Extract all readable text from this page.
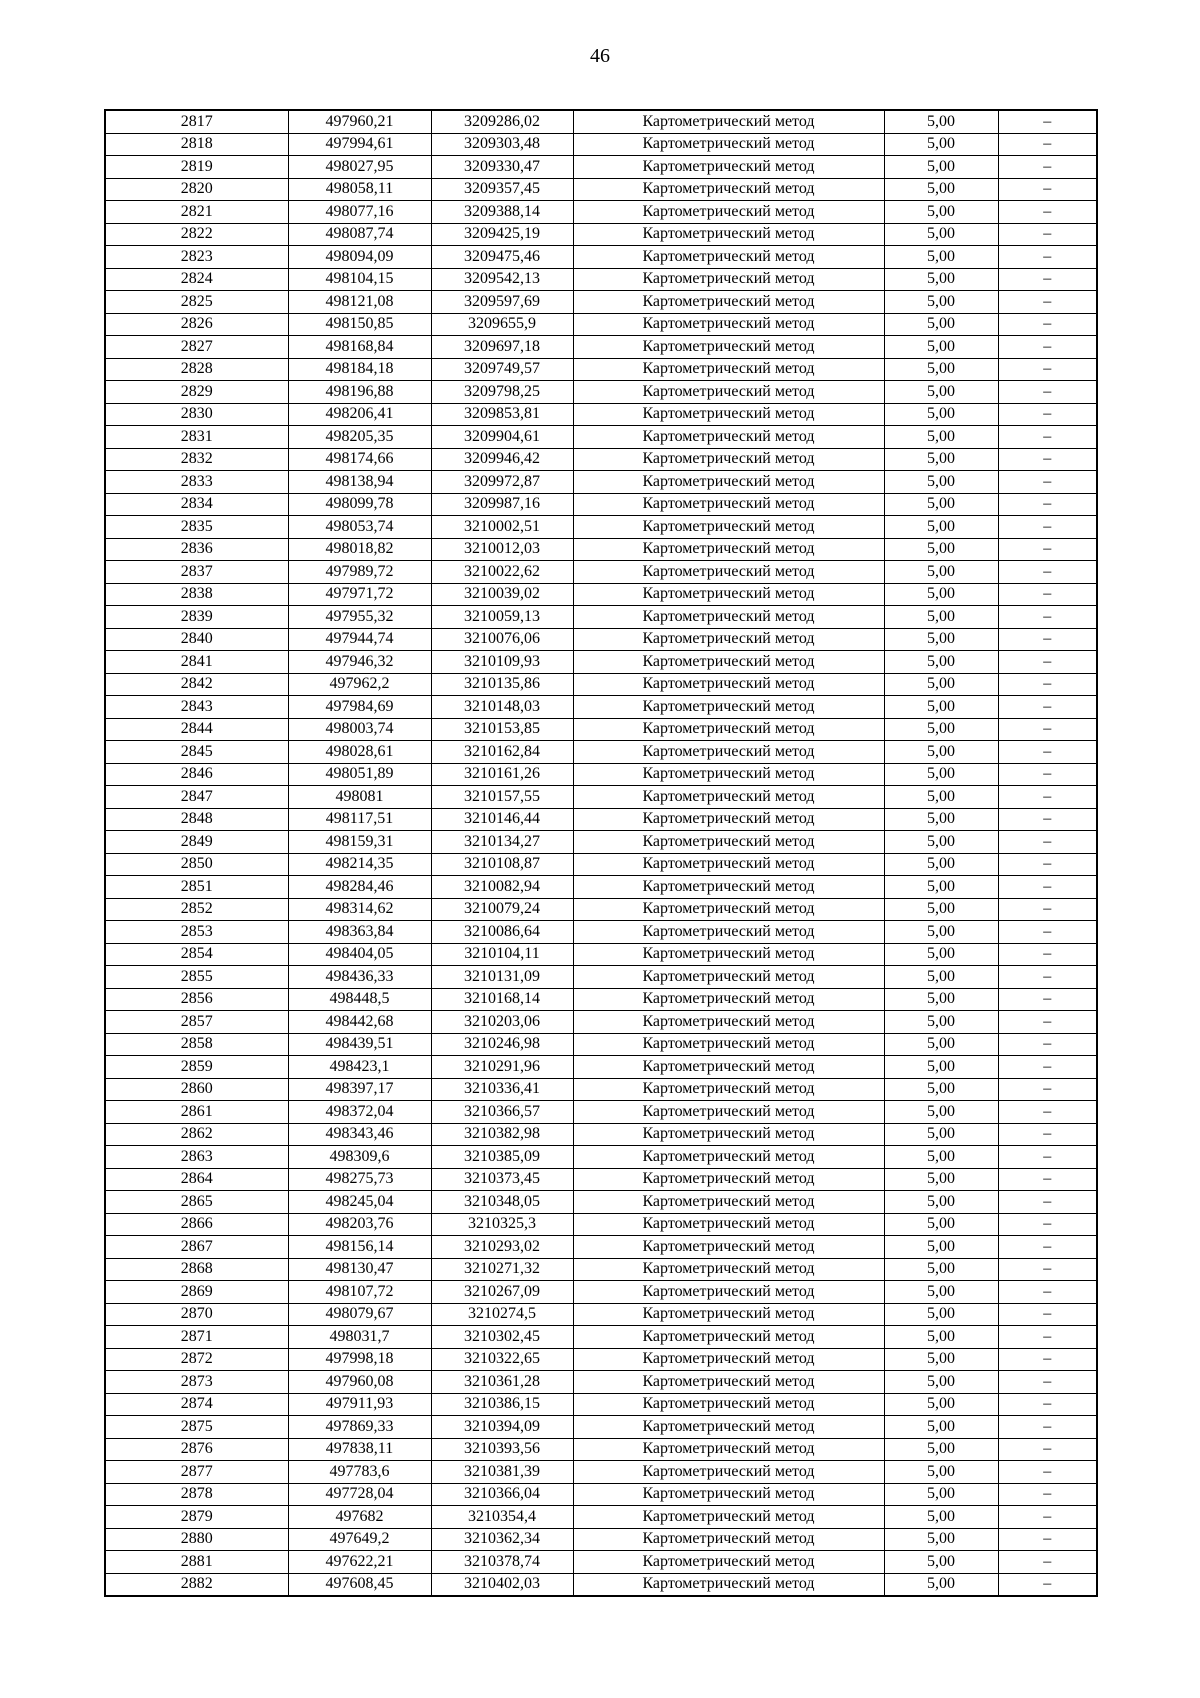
46
2817	497960,21	3209286,02	Картометрический метод	5,00	–
2818	497994,61	3209303,48	Картометрический метод	5,00	–
2819	498027,95	3209330,47	Картометрический метод	5,00	–
2820	498058,11	3209357,45	Картометрический метод	5,00	–
2821	498077,16	3209388,14	Картометрический метод	5,00	–
2822	498087,74	3209425,19	Картометрический метод	5,00	–
2823	498094,09	3209475,46	Картометрический метод	5,00	–
2824	498104,15	3209542,13	Картометрический метод	5,00	–
2825	498121,08	3209597,69	Картометрический метод	5,00	–
2826	498150,85	3209655,9	Картометрический метод	5,00	–
2827	498168,84	3209697,18	Картометрический метод	5,00	–
2828	498184,18	3209749,57	Картометрический метод	5,00	–
2829	498196,88	3209798,25	Картометрический метод	5,00	–
2830	498206,41	3209853,81	Картометрический метод	5,00	–
2831	498205,35	3209904,61	Картометрический метод	5,00	–
2832	498174,66	3209946,42	Картометрический метод	5,00	–
2833	498138,94	3209972,87	Картометрический метод	5,00	–
2834	498099,78	3209987,16	Картометрический метод	5,00	–
2835	498053,74	3210002,51	Картометрический метод	5,00	–
2836	498018,82	3210012,03	Картометрический метод	5,00	–
2837	497989,72	3210022,62	Картометрический метод	5,00	–
2838	497971,72	3210039,02	Картометрический метод	5,00	–
2839	497955,32	3210059,13	Картометрический метод	5,00	–
2840	497944,74	3210076,06	Картометрический метод	5,00	–
2841	497946,32	3210109,93	Картометрический метод	5,00	–
2842	497962,2	3210135,86	Картометрический метод	5,00	–
2843	497984,69	3210148,03	Картометрический метод	5,00	–
2844	498003,74	3210153,85	Картометрический метод	5,00	–
2845	498028,61	3210162,84	Картометрический метод	5,00	–
2846	498051,89	3210161,26	Картометрический метод	5,00	–
2847	498081	3210157,55	Картометрический метод	5,00	–
2848	498117,51	3210146,44	Картометрический метод	5,00	–
2849	498159,31	3210134,27	Картометрический метод	5,00	–
2850	498214,35	3210108,87	Картометрический метод	5,00	–
2851	498284,46	3210082,94	Картометрический метод	5,00	–
2852	498314,62	3210079,24	Картометрический метод	5,00	–
2853	498363,84	3210086,64	Картометрический метод	5,00	–
2854	498404,05	3210104,11	Картометрический метод	5,00	–
2855	498436,33	3210131,09	Картометрический метод	5,00	–
2856	498448,5	3210168,14	Картометрический метод	5,00	–
2857	498442,68	3210203,06	Картометрический метод	5,00	–
2858	498439,51	3210246,98	Картометрический метод	5,00	–
2859	498423,1	3210291,96	Картометрический метод	5,00	–
2860	498397,17	3210336,41	Картометрический метод	5,00	–
2861	498372,04	3210366,57	Картометрический метод	5,00	–
2862	498343,46	3210382,98	Картометрический метод	5,00	–
2863	498309,6	3210385,09	Картометрический метод	5,00	–
2864	498275,73	3210373,45	Картометрический метод	5,00	–
2865	498245,04	3210348,05	Картометрический метод	5,00	–
2866	498203,76	3210325,3	Картометрический метод	5,00	–
2867	498156,14	3210293,02	Картометрический метод	5,00	–
2868	498130,47	3210271,32	Картометрический метод	5,00	–
2869	498107,72	3210267,09	Картометрический метод	5,00	–
2870	498079,67	3210274,5	Картометрический метод	5,00	–
2871	498031,7	3210302,45	Картометрический метод	5,00	–
2872	497998,18	3210322,65	Картометрический метод	5,00	–
2873	497960,08	3210361,28	Картометрический метод	5,00	–
2874	497911,93	3210386,15	Картометрический метод	5,00	–
2875	497869,33	3210394,09	Картометрический метод	5,00	–
2876	497838,11	3210393,56	Картометрический метод	5,00	–
2877	497783,6	3210381,39	Картометрический метод	5,00	–
2878	497728,04	3210366,04	Картометрический метод	5,00	–
2879	497682	3210354,4	Картометрический метод	5,00	–
2880	497649,2	3210362,34	Картометрический метод	5,00	–
2881	497622,21	3210378,74	Картометрический метод	5,00	–
2882	497608,45	3210402,03	Картометрический метод	5,00	–
